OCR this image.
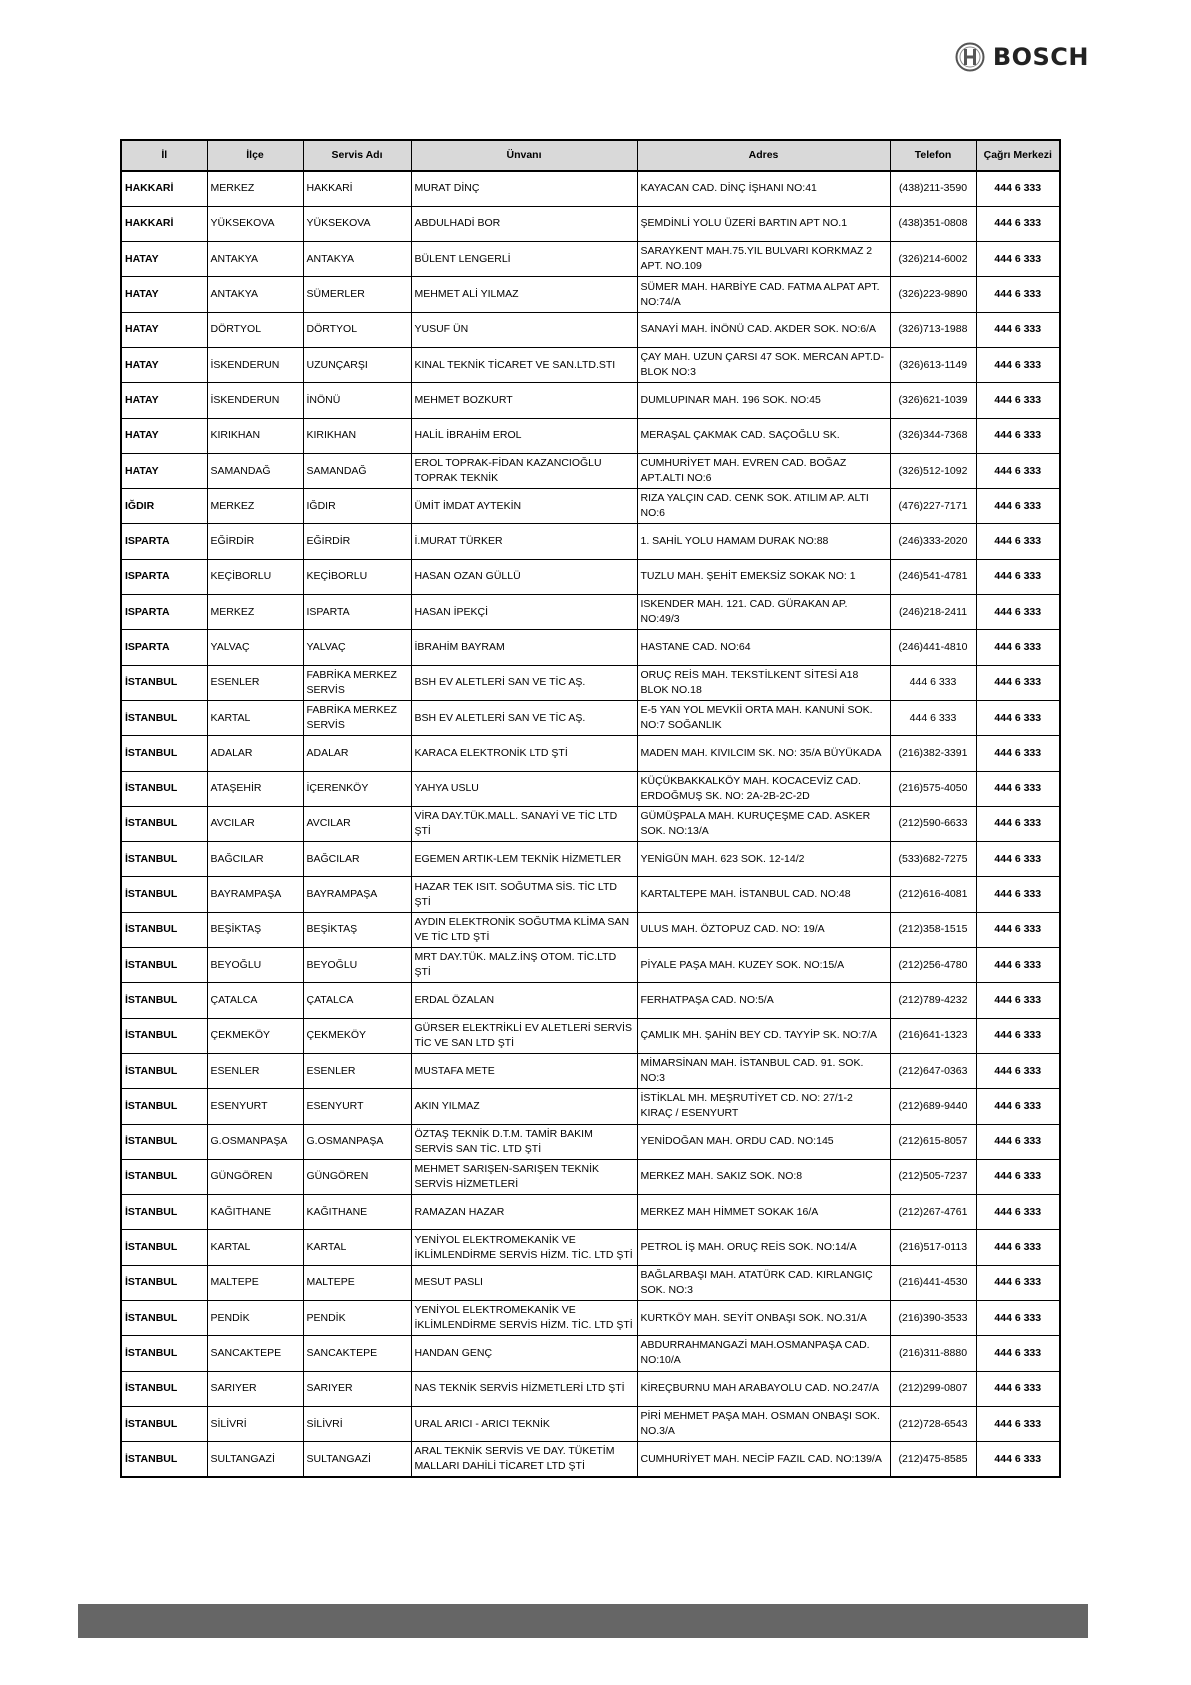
BOSCH
İl	İlçe	Servis Adı	Ünvanı	Adres	Telefon	Çağrı Merkezi
HAKKARİ	MERKEZ	HAKKARİ	MURAT DİNÇ	KAYACAN CAD. DİNÇ İŞHANI NO:41	(438)211-3590	444 6 333
HAKKARİ	YÜKSEKOVA	YÜKSEKOVA	ABDULHADİ BOR	ŞEMDİNLİ YOLU ÜZERİ BARTIN APT NO.1	(438)351-0808	444 6 333
HATAY	ANTAKYA	ANTAKYA	BÜLENT LENGERLİ	SARAYKENT MAH.75.YIL BULVARI KORKMAZ 2 APT. NO.109	(326)214-6002	444 6 333
HATAY	ANTAKYA	SÜMERLER	MEHMET ALİ YILMAZ	SÜMER MAH. HARBİYE CAD. FATMA ALPAT APT. NO:74/A	(326)223-9890	444 6 333
HATAY	DÖRTYOL	DÖRTYOL	YUSUF ÜN	SANAYİ MAH. İNÖNÜ CAD. AKDER SOK. NO:6/A	(326)713-1988	444 6 333
HATAY	İSKENDERUN	UZUNÇARŞI	KINAL TEKNİK TİCARET VE SAN.LTD.STI	ÇAY MAH. UZUN ÇARSI 47 SOK. MERCAN APT.D-BLOK NO:3	(326)613-1149	444 6 333
HATAY	İSKENDERUN	İNÖNÜ	MEHMET BOZKURT	DUMLUPINAR MAH. 196 SOK. NO:45	(326)621-1039	444 6 333
HATAY	KIRIKHAN	KIRIKHAN	HALİL İBRAHİM EROL	MERAŞAL ÇAKMAK CAD. SAÇOĞLU SK.	(326)344-7368	444 6 333
HATAY	SAMANDAĞ	SAMANDAĞ	EROL TOPRAK-FİDAN KAZANCIOĞLU TOPRAK TEKNİK	CUMHURİYET MAH. EVREN CAD. BOĞAZ APT.ALTI NO:6	(326)512-1092	444 6 333
IĞDIR	MERKEZ	IĞDIR	ÜMİT İMDAT AYTEKİN	RIZA YALÇIN CAD. CENK SOK. ATILIM AP. ALTI NO:6	(476)227-7171	444 6 333
ISPARTA	EĞİRDİR	EĞİRDİR	İ.MURAT TÜRKER	1. SAHİL YOLU HAMAM DURAK NO:88	(246)333-2020	444 6 333
ISPARTA	KEÇİBORLU	KEÇİBORLU	HASAN OZAN GÜLLÜ	TUZLU MAH. ŞEHİT EMEKSİZ SOKAK NO: 1	(246)541-4781	444 6 333
ISPARTA	MERKEZ	ISPARTA	HASAN İPEKÇİ	ISKENDER MAH. 121. CAD. GÜRAKAN AP. NO:49/3	(246)218-2411	444 6 333
ISPARTA	YALVAÇ	YALVAÇ	İBRAHİM BAYRAM	HASTANE CAD. NO:64	(246)441-4810	444 6 333
İSTANBUL	ESENLER	FABRİKA MERKEZ SERVİS	BSH EV ALETLERİ SAN VE TİC AŞ.	ORUÇ REİS MAH. TEKSTİLKENT SİTESİ A18 BLOK NO.18	444 6 333	444 6 333
İSTANBUL	KARTAL	FABRİKA MERKEZ SERVİS	BSH EV ALETLERİ SAN VE TİC AŞ.	E-5 YAN YOL MEVKİİ ORTA MAH. KANUNİ SOK. NO:7 SOĞANLIK	444 6 333	444 6 333
İSTANBUL	ADALAR	ADALAR	KARACA ELEKTRONİK LTD ŞTİ	MADEN MAH. KIVILCIM SK. NO: 35/A BÜYÜKADA	(216)382-3391	444 6 333
İSTANBUL	ATAŞEHİR	İÇERENKÖY	YAHYA USLU	KÜÇÜKBAKKALKÖY MAH. KOCACEVİZ CAD. ERDOĞMUŞ SK. NO: 2A-2B-2C-2D	(216)575-4050	444 6 333
İSTANBUL	AVCILAR	AVCILAR	VİRA DAY.TÜK.MALL. SANAYİ VE TİC LTD ŞTİ	GÜMÜŞPALA MAH. KURUÇEŞME CAD. ASKER SOK. NO:13/A	(212)590-6633	444 6 333
İSTANBUL	BAĞCILAR	BAĞCILAR	EGEMEN ARTIK-LEM TEKNİK HİZMETLER	YENİGÜN MAH. 623 SOK. 12-14/2	(533)682-7275	444 6 333
İSTANBUL	BAYRAMPAŞA	BAYRAMPAŞA	HAZAR TEK ISIT. SOĞUTMA SİS. TİC LTD ŞTİ	KARTALTEPE MAH. İSTANBUL CAD. NO:48	(212)616-4081	444 6 333
İSTANBUL	BEŞİKTAŞ	BEŞİKTAŞ	AYDIN ELEKTRONİK SOĞUTMA KLİMA SAN VE TİC LTD ŞTİ	ULUS MAH. ÖZTOPUZ CAD. NO: 19/A	(212)358-1515	444 6 333
İSTANBUL	BEYOĞLU	BEYOĞLU	MRT DAY.TÜK. MALZ.İNŞ OTOM. TİC.LTD ŞTİ	PİYALE PAŞA MAH. KUZEY SOK. NO:15/A	(212)256-4780	444 6 333
İSTANBUL	ÇATALCA	ÇATALCA	ERDAL ÖZALAN	FERHATPAŞA CAD. NO:5/A	(212)789-4232	444 6 333
İSTANBUL	ÇEKMEKÖY	ÇEKMEKÖY	GÜRSER ELEKTRİKLİ EV ALETLERİ SERVİS TİC VE SAN LTD ŞTİ	ÇAMLIK MH. ŞAHİN BEY CD. TAYYİP SK. NO:7/A	(216)641-1323	444 6 333
İSTANBUL	ESENLER	ESENLER	MUSTAFA METE	MİMARSİNAN MAH. İSTANBUL CAD. 91. SOK. NO:3	(212)647-0363	444 6 333
İSTANBUL	ESENYURT	ESENYURT	AKIN YILMAZ	İSTİKLAL MH. MEŞRUTİYET CD. NO: 27/1-2 KIRAÇ / ESENYURT	(212)689-9440	444 6 333
İSTANBUL	G.OSMANPAŞA	G.OSMANPAŞA	ÖZTAŞ TEKNİK D.T.M. TAMİR BAKIM SERVİS SAN TİC. LTD ŞTİ	YENİDOĞAN MAH. ORDU CAD. NO:145	(212)615-8057	444 6 333
İSTANBUL	GÜNGÖREN	GÜNGÖREN	MEHMET SARIŞEN-SARIŞEN TEKNİK SERVİS HİZMETLERİ	MERKEZ MAH. SAKIZ SOK. NO:8	(212)505-7237	444 6 333
İSTANBUL	KAĞITHANE	KAĞITHANE	RAMAZAN HAZAR	MERKEZ MAH HİMMET SOKAK 16/A	(212)267-4761	444 6 333
İSTANBUL	KARTAL	KARTAL	YENİYOL ELEKTROMEKANİK VE İKLİMLENDİRME SERVİS HİZM. TİC. LTD ŞTİ	PETROL İŞ MAH. ORUÇ REİS SOK. NO:14/A	(216)517-0113	444 6 333
İSTANBUL	MALTEPE	MALTEPE	MESUT PASLI	BAĞLARBAŞI MAH. ATATÜRK CAD. KIRLANGIÇ SOK. NO:3	(216)441-4530	444 6 333
İSTANBUL	PENDİK	PENDİK	YENİYOL ELEKTROMEKANİK VE İKLİMLENDİRME SERVİS HİZM. TİC. LTD ŞTİ	KURTKÖY MAH. SEYİT ONBAŞI SOK. NO.31/A	(216)390-3533	444 6 333
İSTANBUL	SANCAKTEPE	SANCAKTEPE	HANDAN GENÇ	ABDURRAHMANGAZİ MAH.OSMANPAŞA CAD. NO:10/A	(216)311-8880	444 6 333
İSTANBUL	SARIYER	SARIYER	NAS TEKNİK SERVİS HİZMETLERİ LTD ŞTİ	KİREÇBURNU MAH ARABAYOLU CAD. NO.247/A	(212)299-0807	444 6 333
İSTANBUL	SİLİVRİ	SİLİVRİ	URAL ARICI - ARICI TEKNİK	PİRİ MEHMET PAŞA MAH. OSMAN ONBAŞI SOK. NO.3/A	(212)728-6543	444 6 333
İSTANBUL	SULTANGAZİ	SULTANGAZİ	ARAL TEKNİK SERVİS VE DAY. TÜKETİM MALLARI DAHİLİ TİCARET LTD ŞTİ	CUMHURİYET MAH. NECİP FAZIL CAD. NO:139/A	(212)475-8585	444 6 333
